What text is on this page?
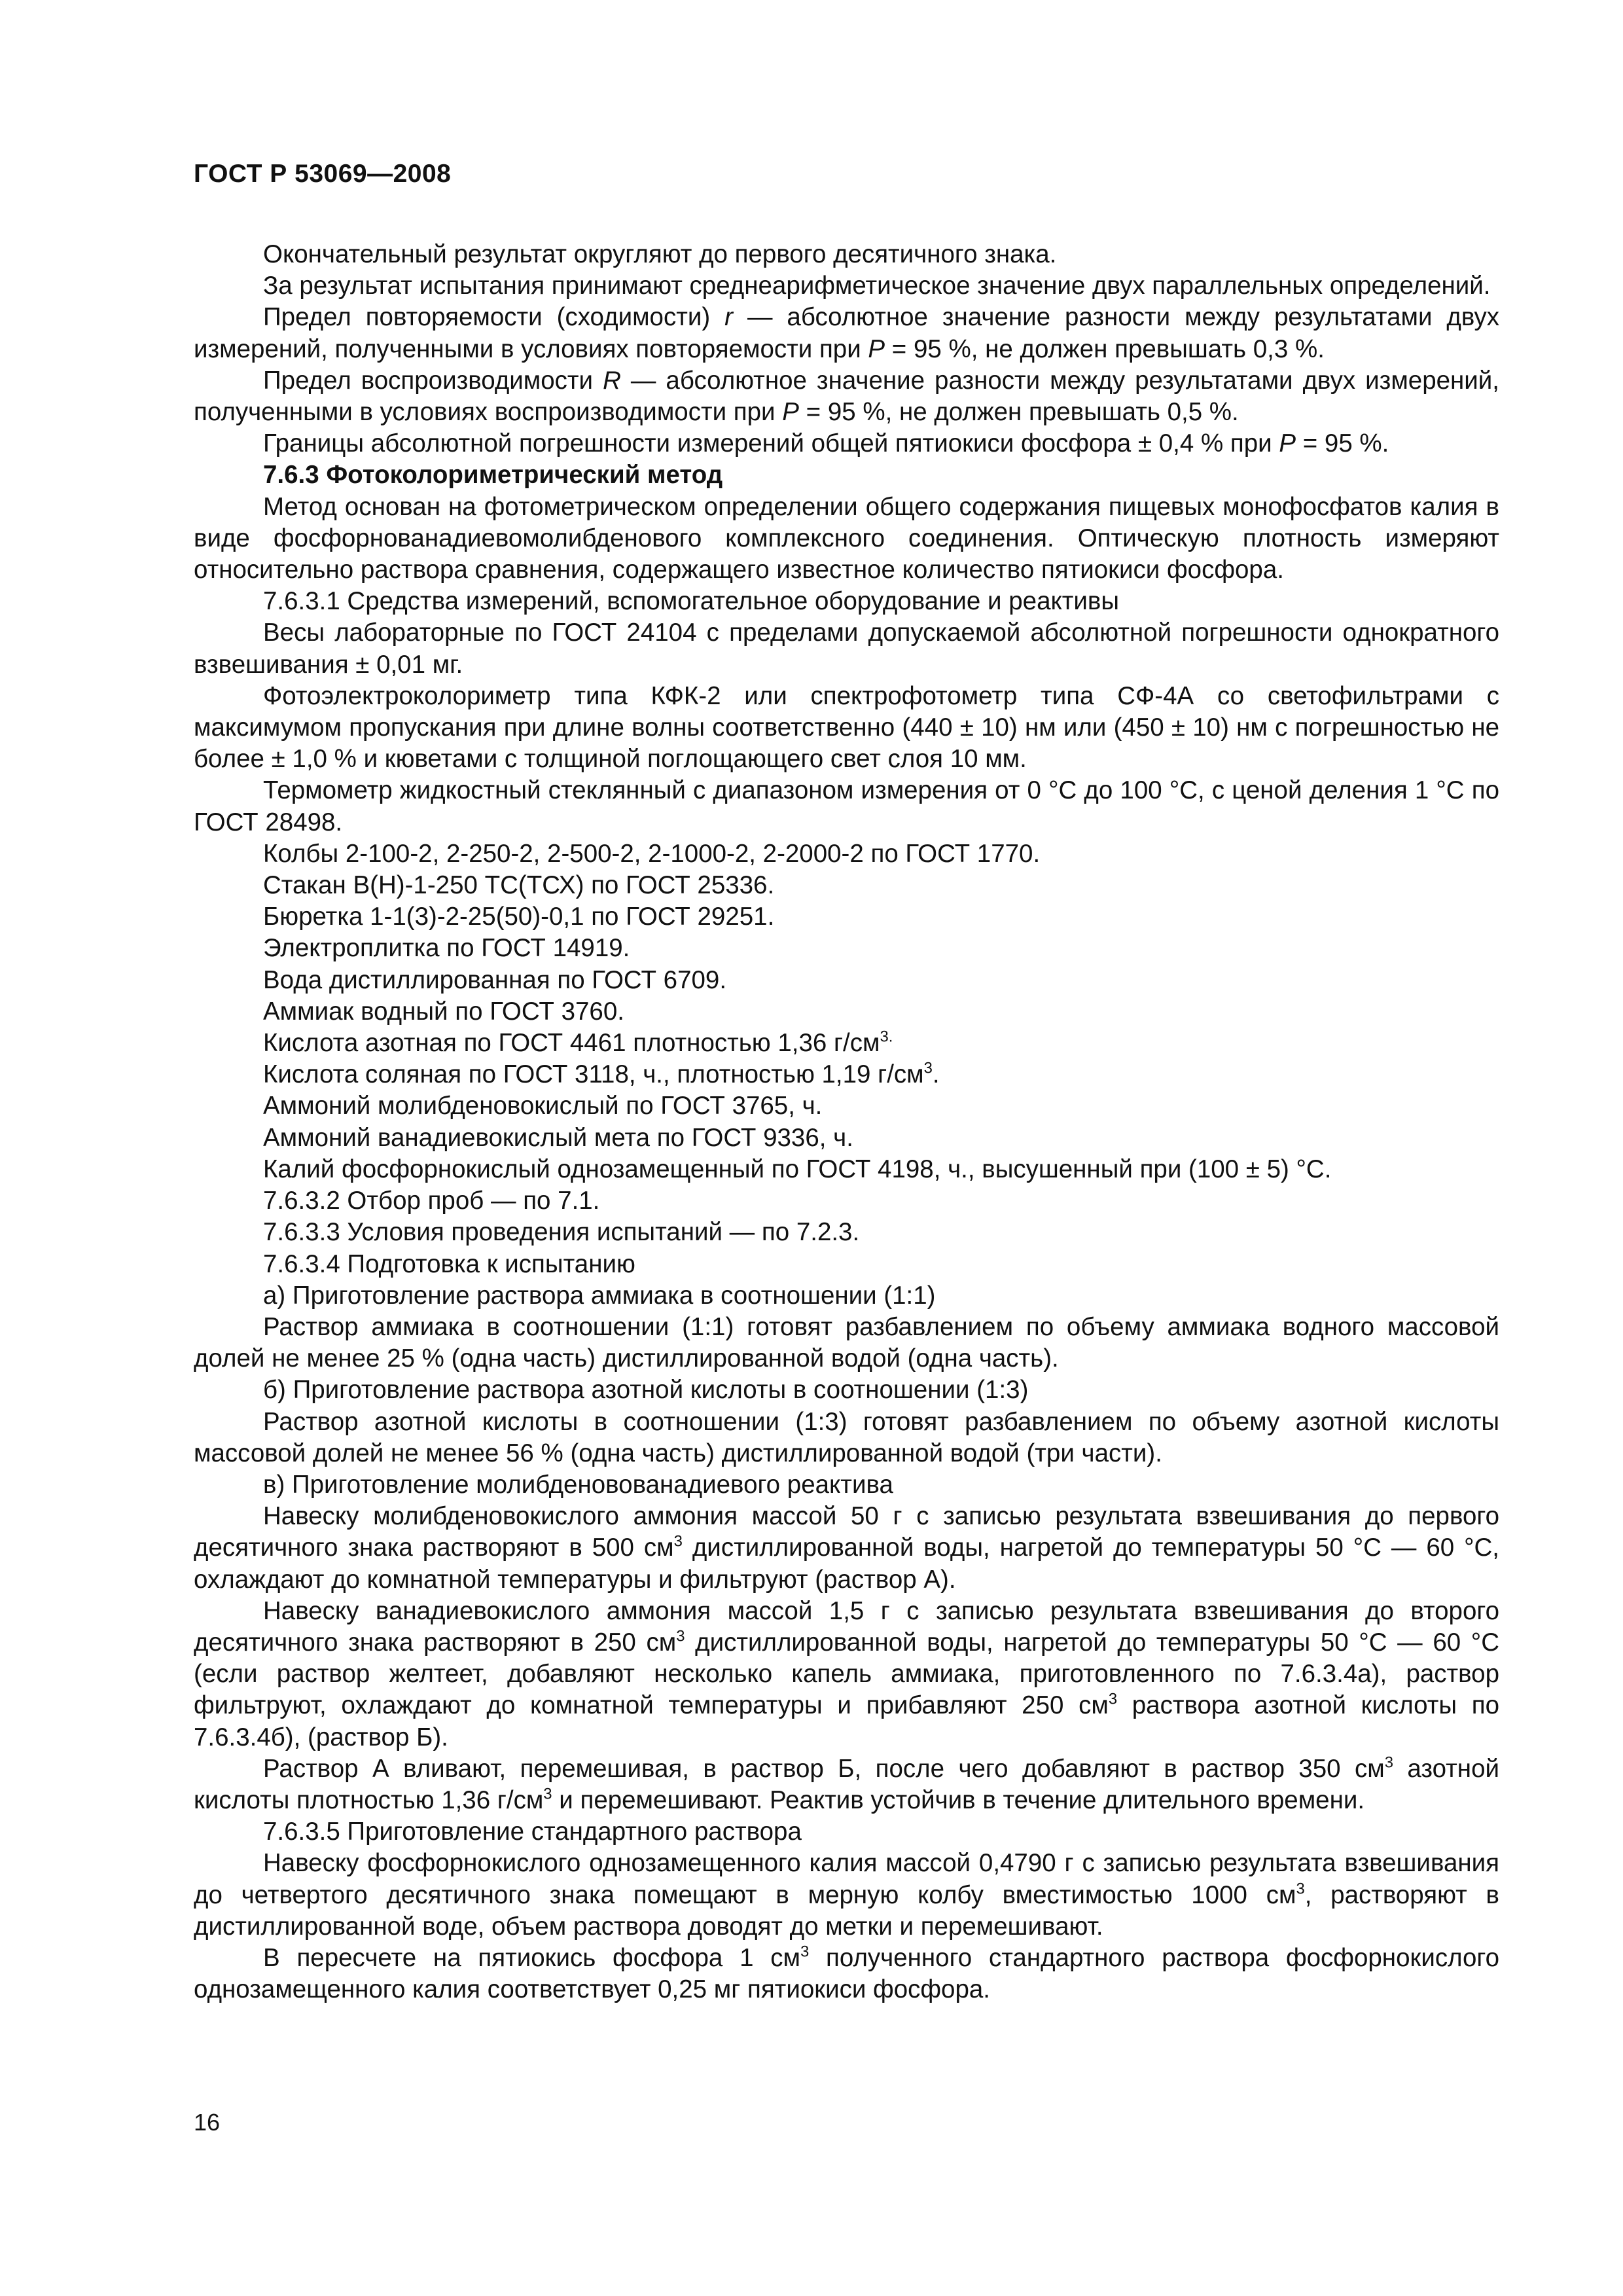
ГОСТ Р 53069—2008

Окончательный результат округляют до первого десятичного знака.

За результат испытания принимают среднеарифметическое значение двух параллельных определений.

Предел повторяемости (сходимости) r — абсолютное значение разности между результатами двух измерений, полученными в условиях повторяемости при P = 95 %, не должен превышать 0,3 %.

Предел воспроизводимости R — абсолютное значение разности между результатами двух измерений, полученными в условиях воспроизводимости при P = 95 %, не должен превышать 0,5 %.

Границы абсолютной погрешности измерений общей пятиокиси фосфора ± 0,4 % при P = 95 %.

7.6.3 Фотоколориметрический метод

Метод основан на фотометрическом определении общего содержания пищевых монофосфатов калия в виде фосфорнованадиевомолибденового комплексного соединения. Оптическую плотность измеряют относительно раствора сравнения, содержащего известное количество пятиокиси фосфора.

7.6.3.1 Средства измерений, вспомогательное оборудование и реактивы

Весы лабораторные по ГОСТ 24104 с пределами допускаемой абсолютной погрешности однократного взвешивания ± 0,01 мг.

Фотоэлектроколориметр типа КФК-2 или спектрофотометр типа СФ-4А со светофильтрами с максимумом пропускания при длине волны соответственно (440 ± 10) нм или (450 ± 10) нм с погрешностью не более ± 1,0 % и кюветами с толщиной поглощающего свет слоя 10 мм.

Термометр жидкостный стеклянный с диапазоном измерения от 0 °С до 100 °С, с ценой деления 1 °С по ГОСТ 28498.

Колбы 2-100-2, 2-250-2, 2-500-2, 2-1000-2, 2-2000-2 по ГОСТ 1770.

Стакан В(Н)-1-250 ТС(ТСХ) по ГОСТ 25336.

Бюретка 1-1(3)-2-25(50)-0,1 по ГОСТ 29251.

Электроплитка по ГОСТ 14919.

Вода дистиллированная по ГОСТ 6709.

Аммиак водный по ГОСТ 3760.

Кислота азотная по ГОСТ 4461 плотностью 1,36 $г/см^{3.}$

Кислота соляная по ГОСТ 3118, ч., плотностью 1,19 $г/см^3$.

Аммоний молибденовокислый по ГОСТ 3765, ч.

Аммоний ванадиевокислый мета по ГОСТ 9336, ч.

Калий фосфорнокислый однозамещенный по ГОСТ 4198, ч., высушенный при (100 ± 5) °С.

7.6.3.2 Отбор проб — по 7.1.

7.6.3.3 Условия проведения испытаний — по 7.2.3.

7.6.3.4 Подготовка к испытанию

а) Приготовление раствора аммиака в соотношении (1:1)

Раствор аммиака в соотношении (1:1) готовят разбавлением по объему аммиака водного массовой долей не менее 25 % (одна часть) дистиллированной водой (одна часть).

б) Приготовление раствора азотной кислоты в соотношении (1:3)

Раствор азотной кислоты в соотношении (1:3) готовят разбавлением по объему азотной кислоты массовой долей не менее 56 % (одна часть) дистиллированной водой (три части).

в) Приготовление молибденовованадиевого реактива

Навеску молибденовокислого аммония массой 50 г с записью результата взвешивания до первого десятичного знака растворяют в 500 $см^3$ дистиллированной воды, нагретой до температуры 50 °С — 60 °С, охлаждают до комнатной температуры и фильтруют (раствор А).

Навеску ванадиевокислого аммония массой 1,5 г с записью результата взвешивания до второго десятичного знака растворяют в 250 $см^3$ дистиллированной воды, нагретой до температуры 50 °С — 60 °С (если раствор желтеет, добавляют несколько капель аммиака, приготовленного по 7.6.3.4а), раствор фильтруют, охлаждают до комнатной температуры и прибавляют 250 $см^3$ раствора азотной кислоты по 7.6.3.4б), (раствор Б).

Раствор А вливают, перемешивая, в раствор Б, после чего добавляют в раствор 350 $см^3$ азотной кислоты плотностью 1,36 $г/см^3$ и перемешивают. Реактив устойчив в течение длительного времени.

7.6.3.5 Приготовление стандартного раствора

Навеску фосфорнокислого однозамещенного калия массой 0,4790 г с записью результата взвешивания до четвертого десятичного знака помещают в мерную колбу вместимостью 1000 $см^3$, растворяют в дистиллированной воде, объем раствора доводят до метки и перемешивают.

В пересчете на пятиокись фосфора 1 $см^3$ полученного стандартного раствора фосфорнокислого однозамещенного калия соответствует 0,25 мг пятиокиси фосфора.

16
